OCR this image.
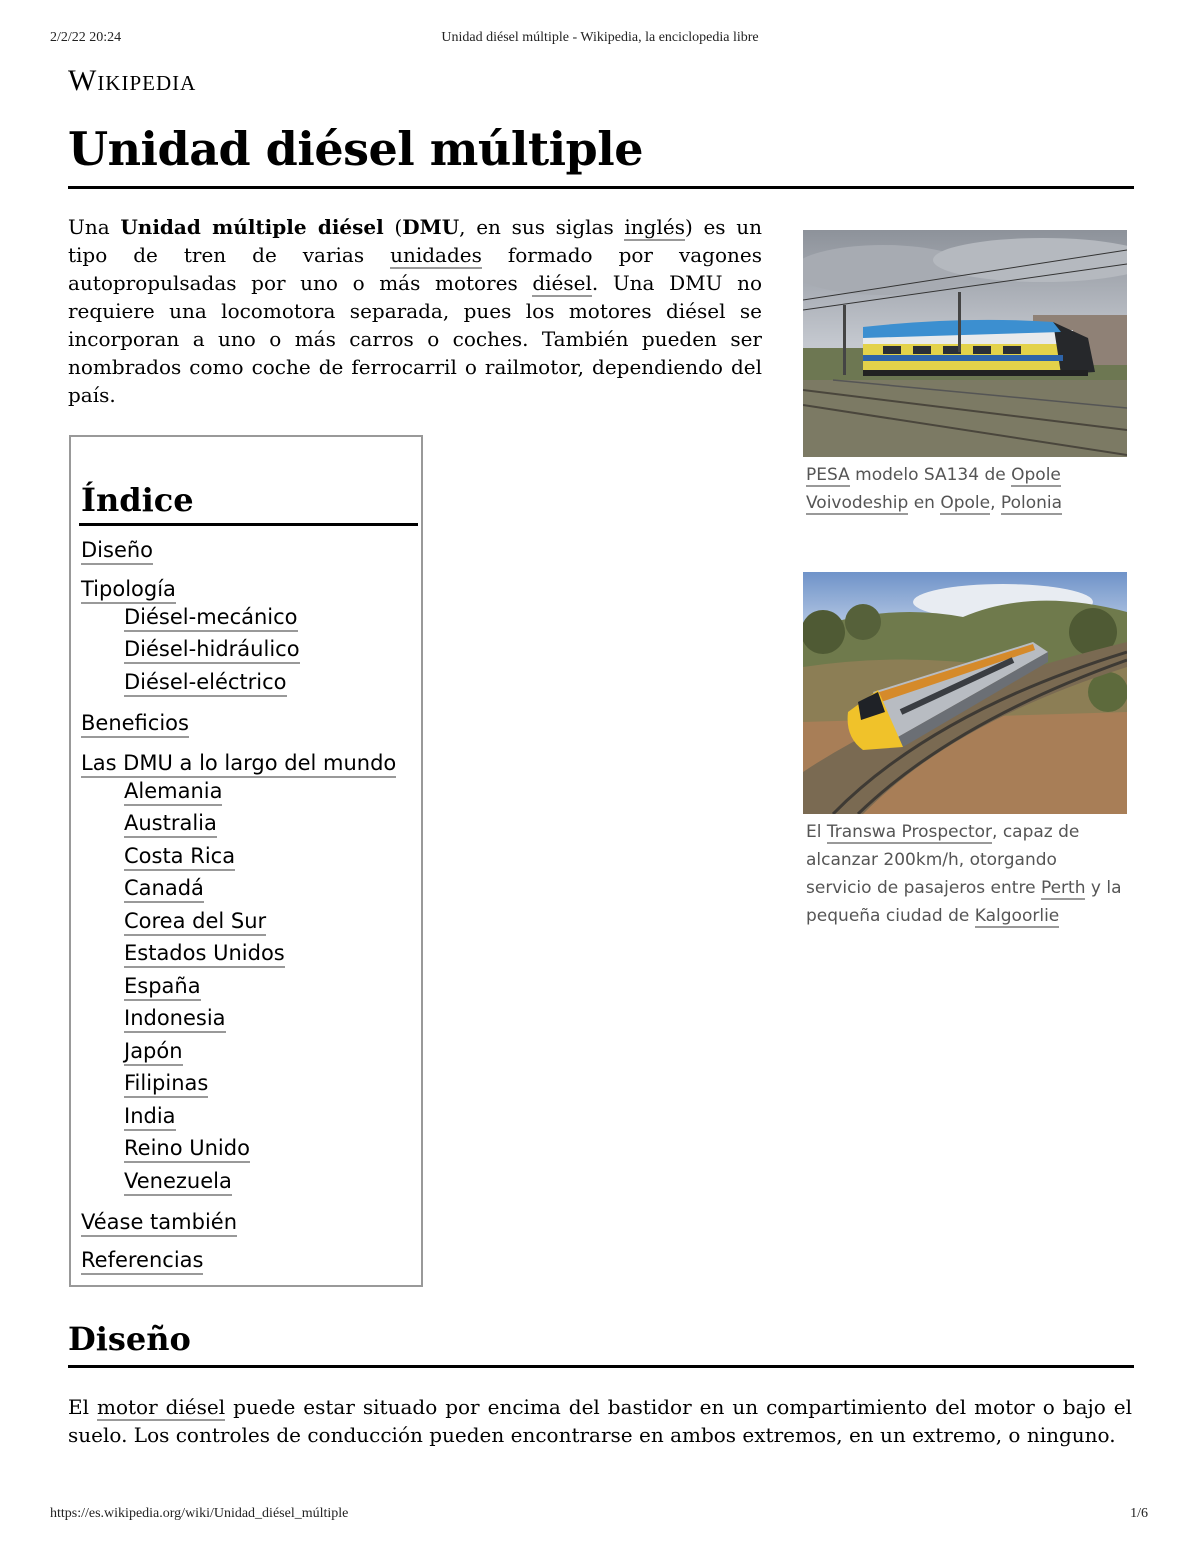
2/2/22 20:24	Unidad diésel múltiple - Wikipedia, la enciclopedia libre
Wikipedia
Unidad diésel múltiple

Una Unidad múltiple diésel (DMU, en sus siglas inglés) es un tipo de tren de varias unidades formado por vagones autopropulsadas por uno o más motores diésel. Una DMU no requiere una locomotora separada, pues los motores diésel se incorporan a uno o más carros o coches. También pueden ser nombrados como coche de ferrocarril o railmotor, dependiendo del país.

Índice
Diseño
Tipología
Diésel-mecánico
Diésel-hidráulico
Diésel-eléctrico
Beneficios
Las DMU a lo largo del mundo
Alemania
Australia
Costa Rica
Canadá
Corea del Sur
Estados Unidos
España
Indonesia
Japón
Filipinas
India
Reino Unido
Venezuela
Véase también
Referencias
PESA modelo SA134 de Opole Voivodeship en Opole, Polonia
El Transwa Prospector, capaz de alcanzar 200km/h, otorgando servicio de pasajeros entre Perth y la pequeña ciudad de Kalgoorlie
Diseño

El motor diésel puede estar situado por encima del bastidor en un compartimiento del motor o bajo el suelo. Los controles de conducción pueden encontrarse en ambos extremos, en un extremo, o ninguno.

https://es.wikipedia.org/wiki/Unidad_diésel_múltiple	1/6
